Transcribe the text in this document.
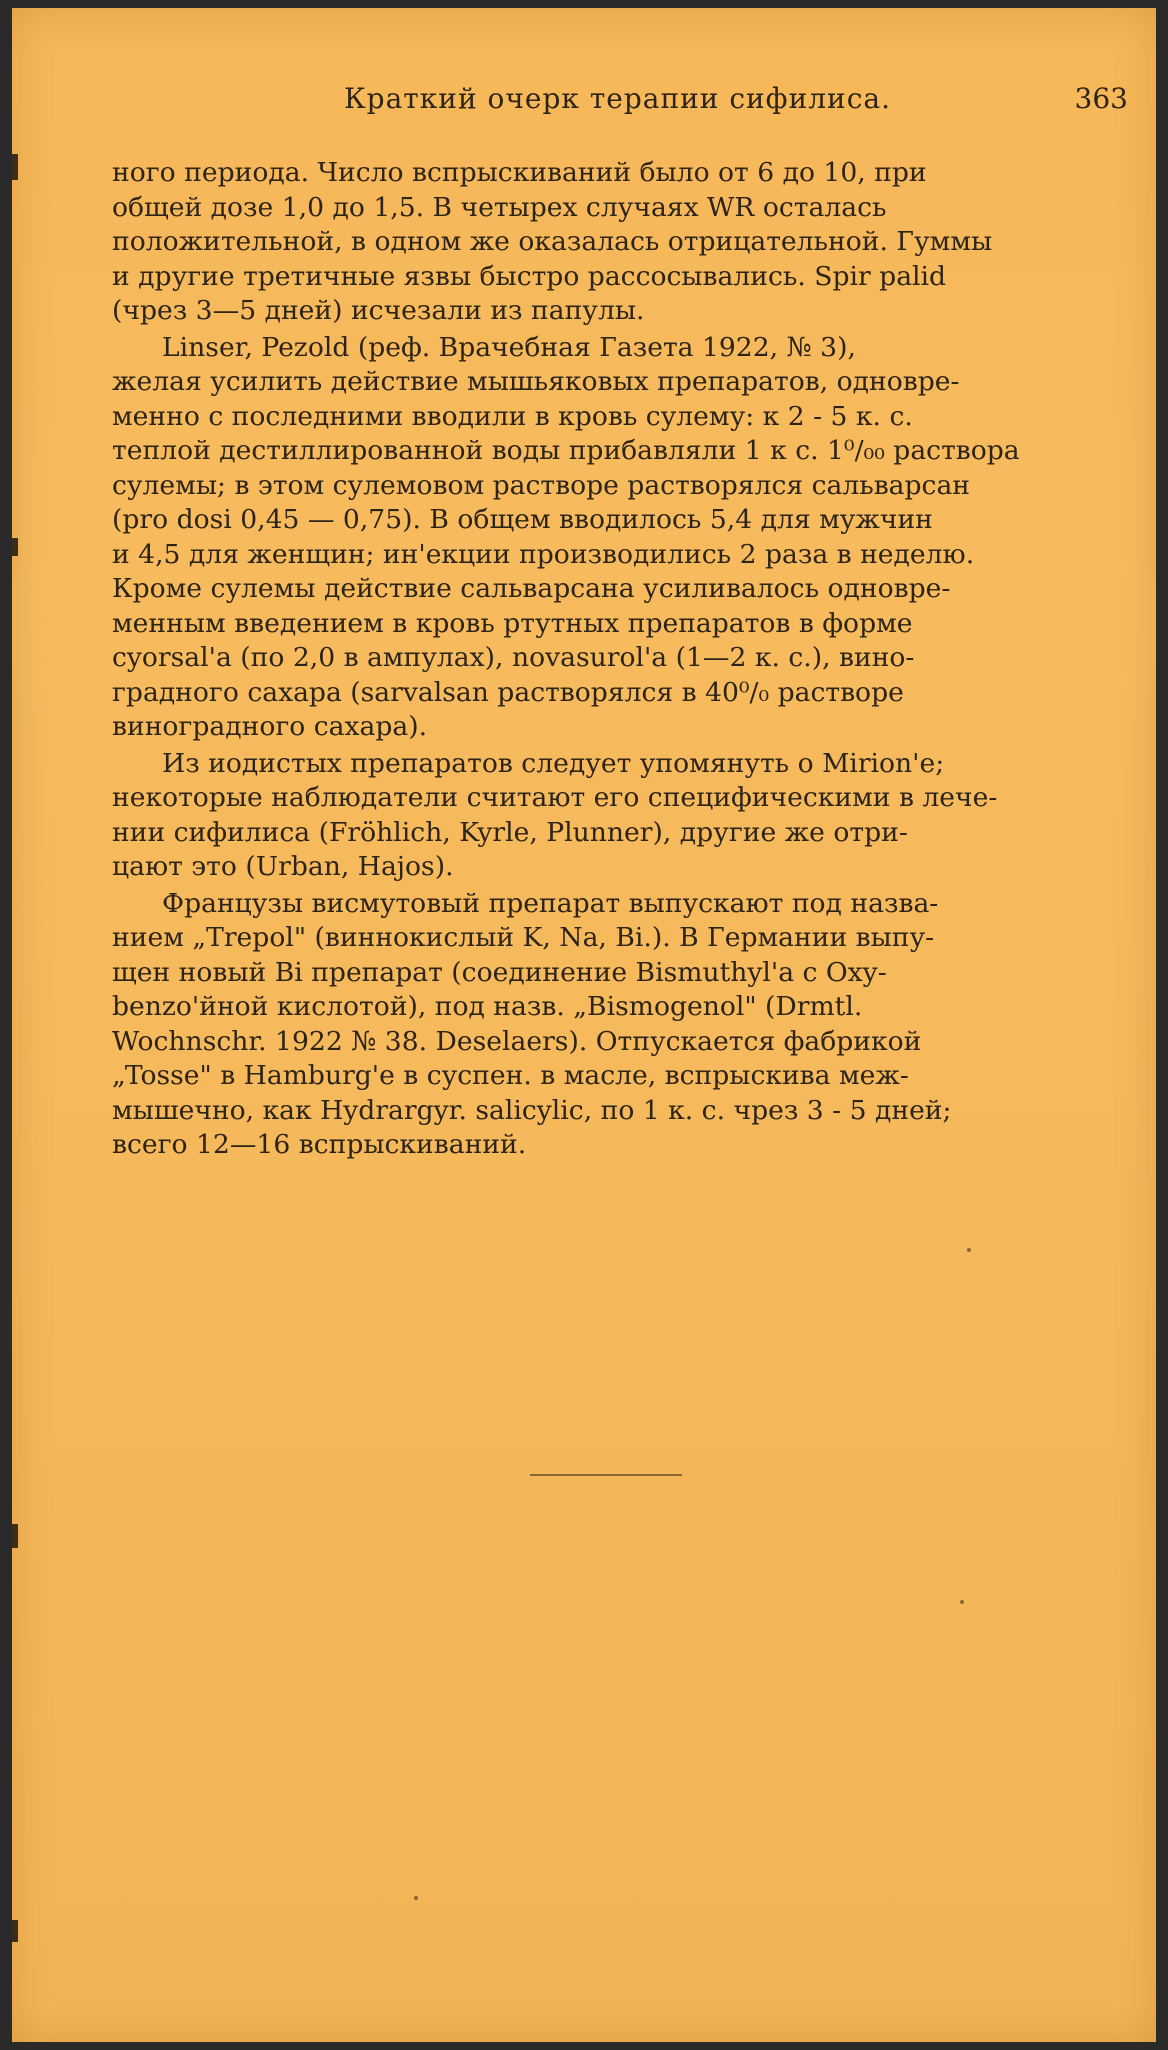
Краткий очерк терапии сифилиса.	363
ного периода. Число вспрыскиваний было от 6 до 10, при
общей дозе 1,0 до 1,5. В четырех случаях WR осталась
положительной, в одном же оказалась отрицательной. Гуммы
и другие третичные язвы быстро рассосывались. Spir palid
(чрез 3—5 дней) исчезали из папулы.
Linser, Pezold (реф. Врачебная Газета 1922, № 3),
желая усилить действие мышьяковых препаратов, одновре-
менно с последними вводили в кровь сулему: к 2 - 5 к. с.
теплой дестиллированной воды прибавляли 1 к с. 1⁰/₀₀ раствора
сулемы; в этом сулемовом растворе растворялся сальварсан
(pro dosi 0,45 — 0,75). В общем вводилось 5,4 для мужчин
и 4,5 для женщин; ин'екции производились 2 раза в неделю.
Кроме сулемы действие сальварсана усиливалось одновре-
менным введением в кровь ртутных препаратов в форме
cyorsal'а (по 2,0 в ампулах), novasurol'а (1—2 к. с.), вино-
градного сахара (sarvalsan растворялся в 40⁰/₀ растворе
виноградного сахара).
Из иодистых препаратов следует упомянуть о Mirion'е;
некоторые наблюдатели считают его специфическими в лече-
нии сифилиса (Fröhlich, Kyrle, Plunner), другие же отри-
цают это (Urban, Hajos).
Французы висмутовый препарат выпускают под назва-
нием „Trepol" (виннокислый K, Na, Bi.). В Германии выпу-
щен новый Bi препарат (соединение Bismuthyl'а с Oxy-
benzo'йной кислотой), под назв. „Bismogenol" (Drmtl.
Wochnschr. 1922 № 38. Deselaers). Отпускается фабрикой
„Tosse" в Hamburg'е в суспен. в масле, вспрыскива меж-
мышечно, как Hydrargyr. salicylic, по 1 к. с. чрез 3 - 5 дней;
всего 12—16 вспрыскиваний.
